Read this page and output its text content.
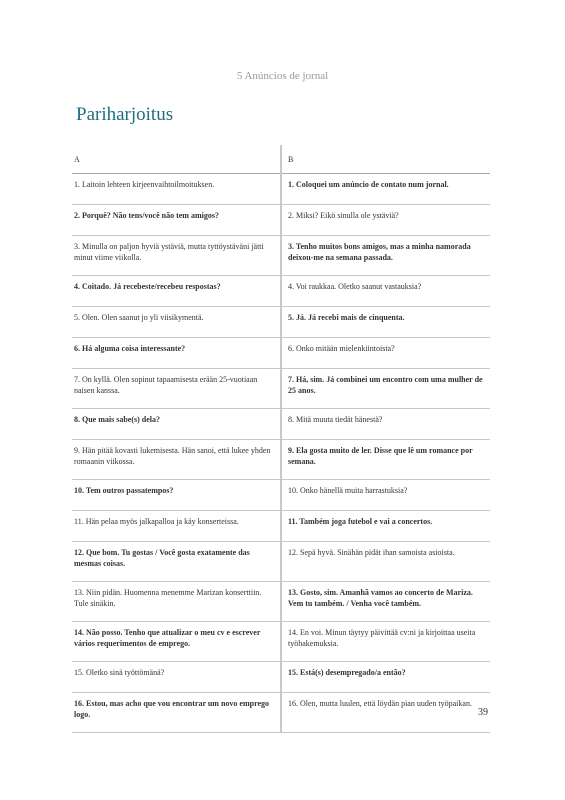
5 Anúncios de jornal
Pariharjoitus
A	B
1. Laitoin lehteen kirjeenvaihtoilmoituksen.	1. Coloquei um anúncio de contato num jornal.
2. Porquê? Não tens/você não tem amigos?	2. Miksi? Eikö sinulla ole ystäviä?
3. Minulla on paljon hyviä ystäviä, mutta tyttöystäväni jätti minut viime viikolla.	3. Tenho muitos bons amigos, mas a minha namorada deixou-me na semana passada.
4. Coitado. Já recebeste/recebeu respostas?	4. Voi raukkaa. Oletko saanut vastauksia?
5. Olen. Olen saanut jo yli viisikymentä.	5. Já. Já recebi mais de cinquenta.
6. Há alguma coisa interessante?	6. Onko mitään mielenkiintoista?
7. On kyllä. Olen sopinut tapaamisesta erään 25-vuotiaan naisen kanssa.	7. Há, sim. Já combinei um encontro com uma mulher de 25 anos.
8. Que mais sabe(s) dela?	8. Mitä muuta tiedät hänestä?
9. Hän pitää kovasti lukemisesta. Hän sanoi, että lukee yhden romaanin viikossa.	9. Ela gosta muito de ler. Disse que lê um romance por semana.
10. Tem outros passatempos?	10. Onko hänellä muita harrastuksia?
11. Hän pelaa myös jalkapalloa ja käy konserteissa.	11. Também joga futebol e vai a concertos.
12. Que bom. Tu gostas / Você gosta exatamente das mesmas coisas.	12. Sepä hyvä. Sinähän pidät ihan samoista asioista.
13. Niin pidän. Huomenna menemme Marizan konserttiin. Tule sinäkin.	13. Gosto, sim. Amanhã vamos ao concerto de Mariza. Vem tu também. / Venha você também.
14. Não posso. Tenho que atualizar o meu cv e escrever vários requerimentos de emprego.	14. En voi. Minun täytyy päivittää cv:ni ja kirjoittaa useita työhakemuksia.
15. Oletko sinä työttömänä?	15. Está(s) desempregado/a então?
16. Estou, mas acho que vou encontrar um novo emprego logo.	16. Olen, mutta luulen, että löydän pian uuden työpaikan.
39
